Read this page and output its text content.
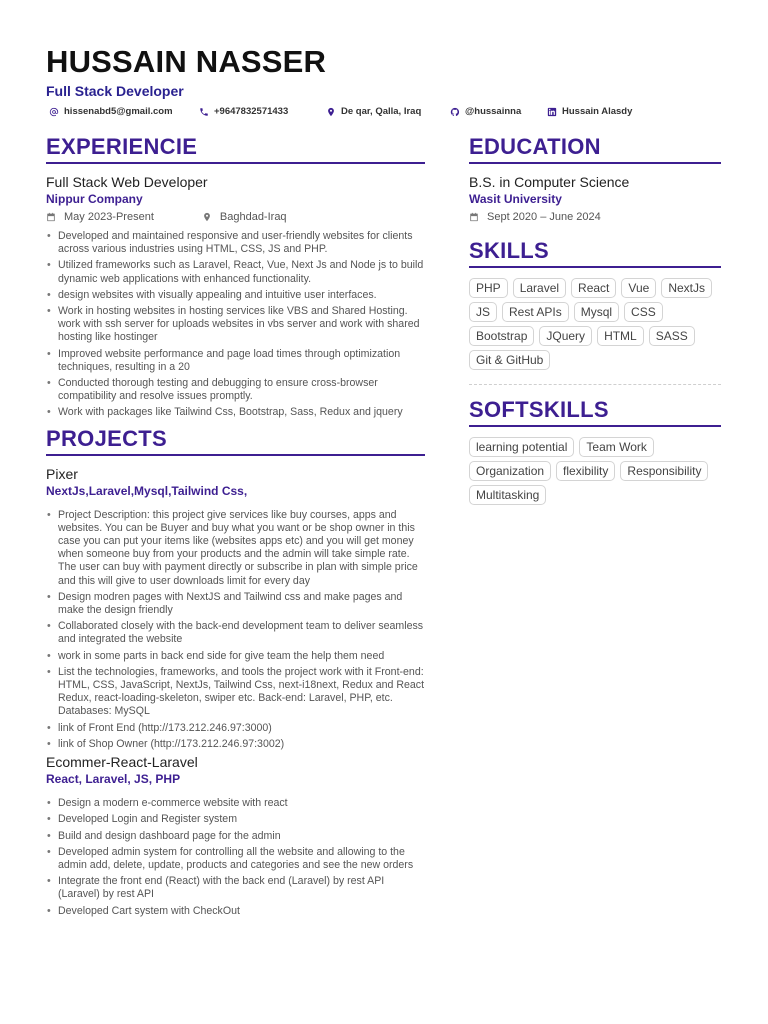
HUSSAIN NASSER
Full Stack Developer
hissenabd5@gmail.com	+9647832571433	De qar, Qalla, Iraq	@hussainna	Hussain Alasdy
EXPERIENCIE
Full Stack Web Developer
Nippur Company
May 2023-Present	Baghdad-Iraq
• Developed and maintained responsive and user-friendly websites for clients across various industries using HTML, CSS, JS and PHP.
• Utilized frameworks such as Laravel, React, Vue, Next Js and Node js to build dynamic web applications with enhanced functionality.
• design websites with visually appealing and intuitive user interfaces.
• Work in hosting websites in hosting services like VBS and Shared Hosting. work with ssh server for uploads websites in vbs server and work with shared hosting like hostinger
• Improved website performance and page load times through optimization techniques, resulting in a 20
• Conducted thorough testing and debugging to ensure cross-browser compatibility and resolve issues promptly.
• Work with packages like Tailwind Css, Bootstrap, Sass, Redux and jquery
PROJECTS
Pixer
NextJs,Laravel,Mysql,Tailwind Css,
• Project Description: this project give services like buy courses, apps and websites. You can be Buyer and buy what you want or be shop owner in this case you can put your items like (websites apps etc) and you will get money when someone buy from your products and the admin will take simple rate. The user can buy with payment directly or subscribe in plan with simple price and this will give to user downloads limit for every day
• Design modren pages with NextJS and Tailwind css and make pages and make the design friendly
• Collaborated closely with the back-end development team to deliver seamless and integrated the website
• work in some parts in back end side for give team the help them need
• List the technologies, frameworks, and tools the project work with it Front-end: HTML, CSS, JavaScript, NextJs, Tailwind Css, next-i18next, Redux and React Redux, react-loading-skeleton, swiper etc. Back-end: Laravel, PHP, etc. Databases: MySQL
• link of Front End (http://173.212.246.97:3000)
• link of Shop Owner (http://173.212.246.97:3002)
Ecommer-React-Laravel
React, Laravel, JS, PHP
• Design a modern e-commerce website with react
• Developed Login and Register system
• Build and design dashboard page for the admin
• Developed admin system for controlling all the website and allowing to the admin add, delete, update, products and categories and see the new orders
• Integrate the front end (React) with the back end (Laravel) by rest API (Laravel) by rest API
• Developed Cart system with CheckOut
EDUCATION
B.S. in Computer Science
Wasit University
Sept 2020 – June 2024
SKILLS
PHP	Laravel	React	Vue	NextJs
JS	Rest APIs	Mysql	CSS
Bootstrap	JQuery	HTML	SASS
Git & GitHub
SOFTSKILLS
learning potential	Team Work
Organization	flexibility	Responsibility
Multitasking
